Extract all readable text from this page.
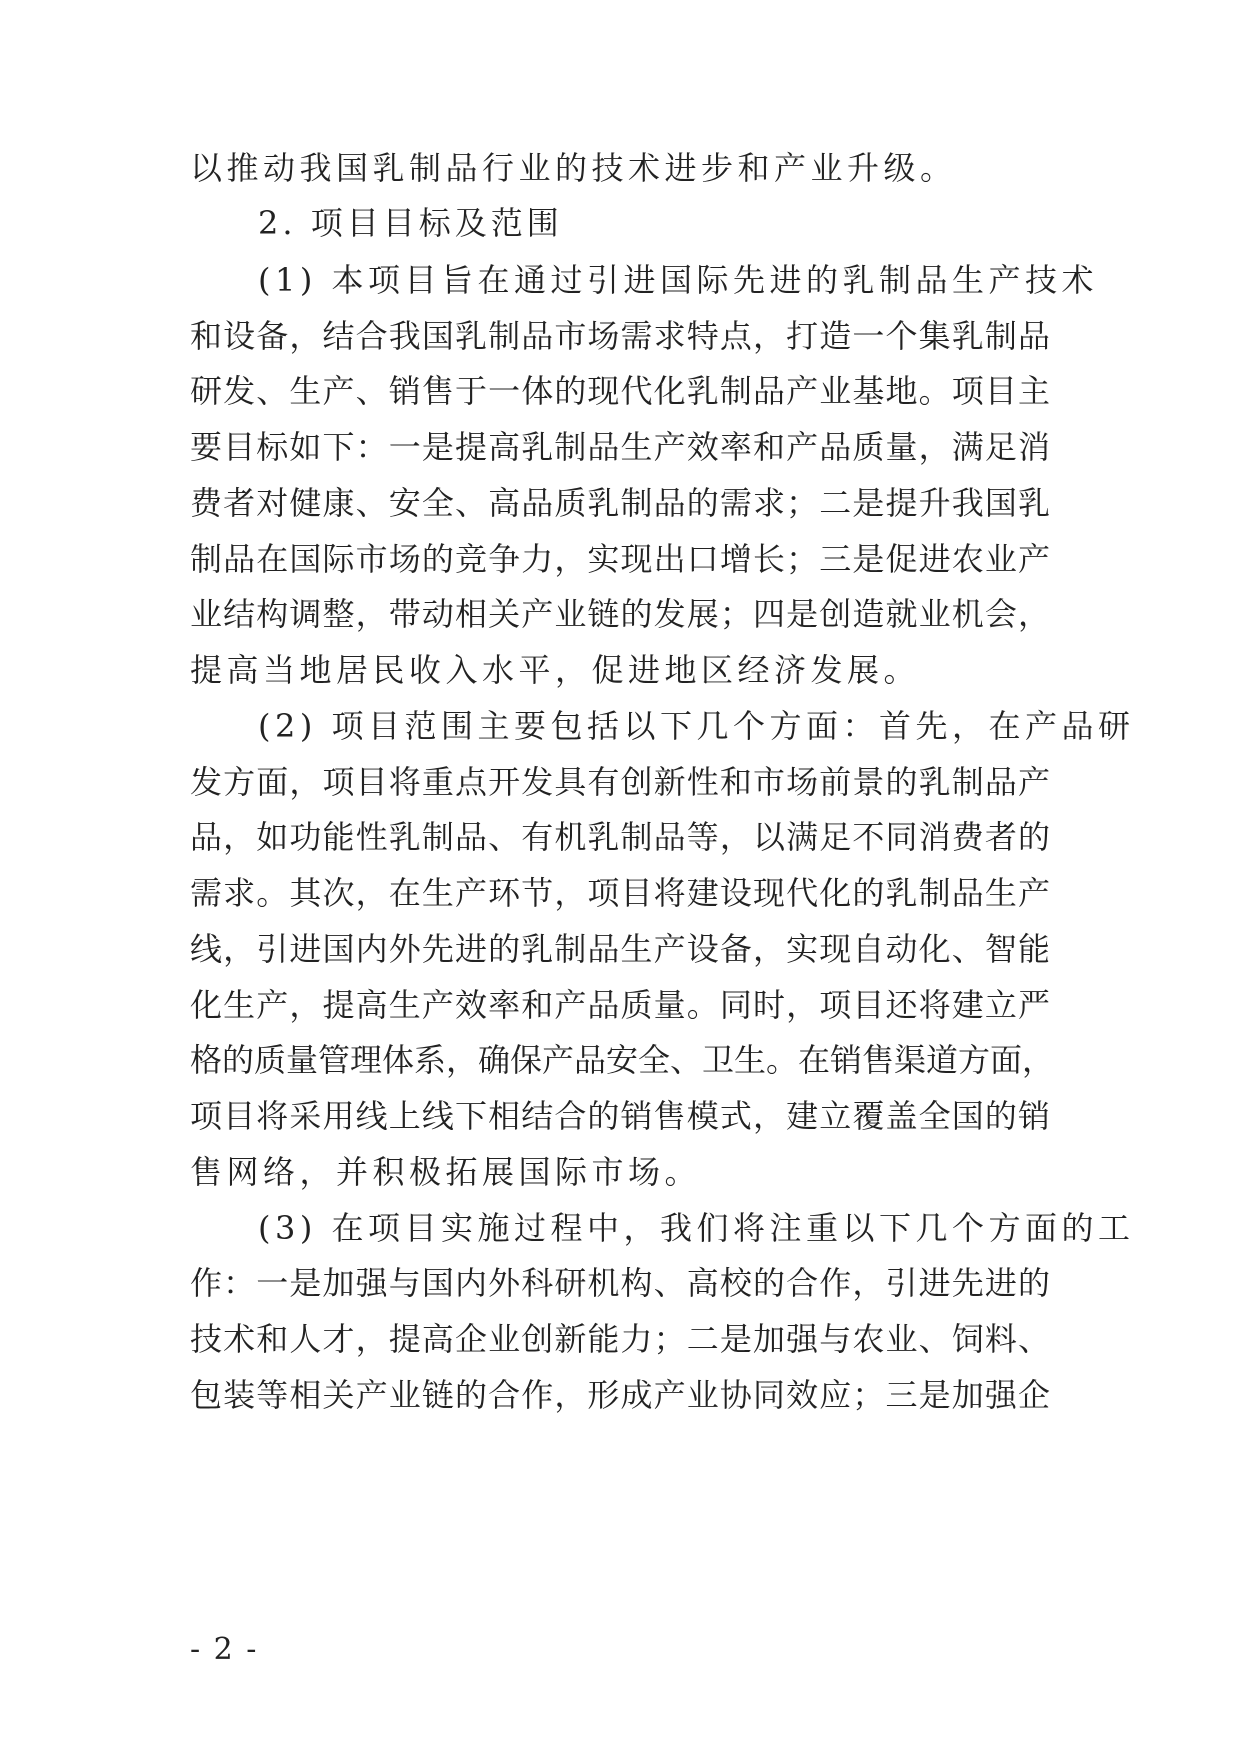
以推动我国乳制品行业的技术进步和产业升级。
2. 项目目标及范围
(1) 本项目旨在通过引进国际先进的乳制品生产技术
和设备，结合我国乳制品市场需求特点，打造一个集乳制品
研发、生产、销售于一体的现代化乳制品产业基地。项目主
要目标如下：一是提高乳制品生产效率和产品质量，满足消
费者对健康、安全、高品质乳制品的需求；二是提升我国乳
制品在国际市场的竞争力，实现出口增长；三是促进农业产
业结构调整，带动相关产业链的发展；四是创造就业机会，
提高当地居民收入水平，促进地区经济发展。
(2) 项目范围主要包括以下几个方面：首先，在产品研
发方面，项目将重点开发具有创新性和市场前景的乳制品产
品，如功能性乳制品、有机乳制品等，以满足不同消费者的
需求。其次，在生产环节，项目将建设现代化的乳制品生产
线，引进国内外先进的乳制品生产设备，实现自动化、智能
化生产，提高生产效率和产品质量。同时，项目还将建立严
格的质量管理体系，确保产品安全、卫生。在销售渠道方面，
项目将采用线上线下相结合的销售模式，建立覆盖全国的销
售网络，并积极拓展国际市场。
(3) 在项目实施过程中，我们将注重以下几个方面的工
作：一是加强与国内外科研机构、高校的合作，引进先进的
技术和人才，提高企业创新能力；二是加强与农业、饲料、
包装等相关产业链的合作，形成产业协同效应；三是加强企
- 2 -
